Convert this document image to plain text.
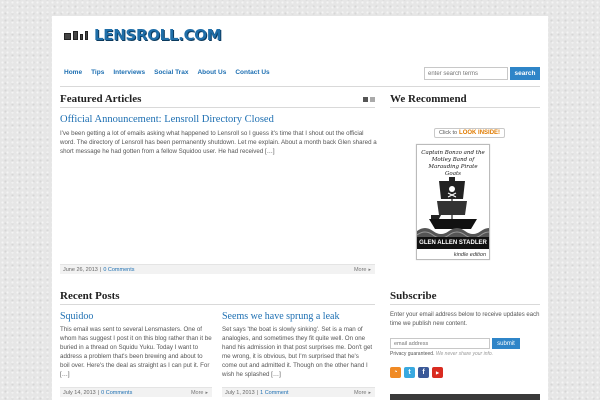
LENSROLL.COM
Home Tips Interviews Social Trax About Us Contact Us
enter search terms	search
Featured Articles
Official Announcement: Lensroll Directory Closed

I've been getting a lot of emails asking what happened to Lensroll so I guess it's time that I shout out the official word. The directory of Lensroll has been permanently shutdown. Let me explain. About a month back Glen shared a short message he had gotten from a fellow Squidoo user. He had received […]

June 26, 2013 | 0 Comments	More ▸
Recent Posts
Squidoo

This email was sent to several Lensmasters. One of whom has suggest I post it on this blog rather than it be buried in a thread on Squidu Yuku. Today I want to address a problem that's been brewing and about to boil over. Here's the deal as straight as I can put it. For […]

July 14, 2013 | 0 Comments	More ▸
Seems we have sprung a leak

Set says 'the boat is slowly sinking'. Set is a man of analogies, and sometimes they fit quite well. On one hand his admission in that post surprises me. Don't get me wrong, it is obvious, but I'm surprised that he's come out and admitted it. Though on the other hand I wish he splashed […]

July 1, 2013 | 1 Comment	More ▸
We Recommend
Click to LOOK INSIDE!
Captain Bonzo and the Motley Band of Marauding Pirate Goats
GLEN ALLEN STADLER
kindle edition
Subscribe

Enter your email address below to receive updates each time we publish new content.

email address
submit
Privacy guaranteed. We never share your info.
◔	t	f	▶
